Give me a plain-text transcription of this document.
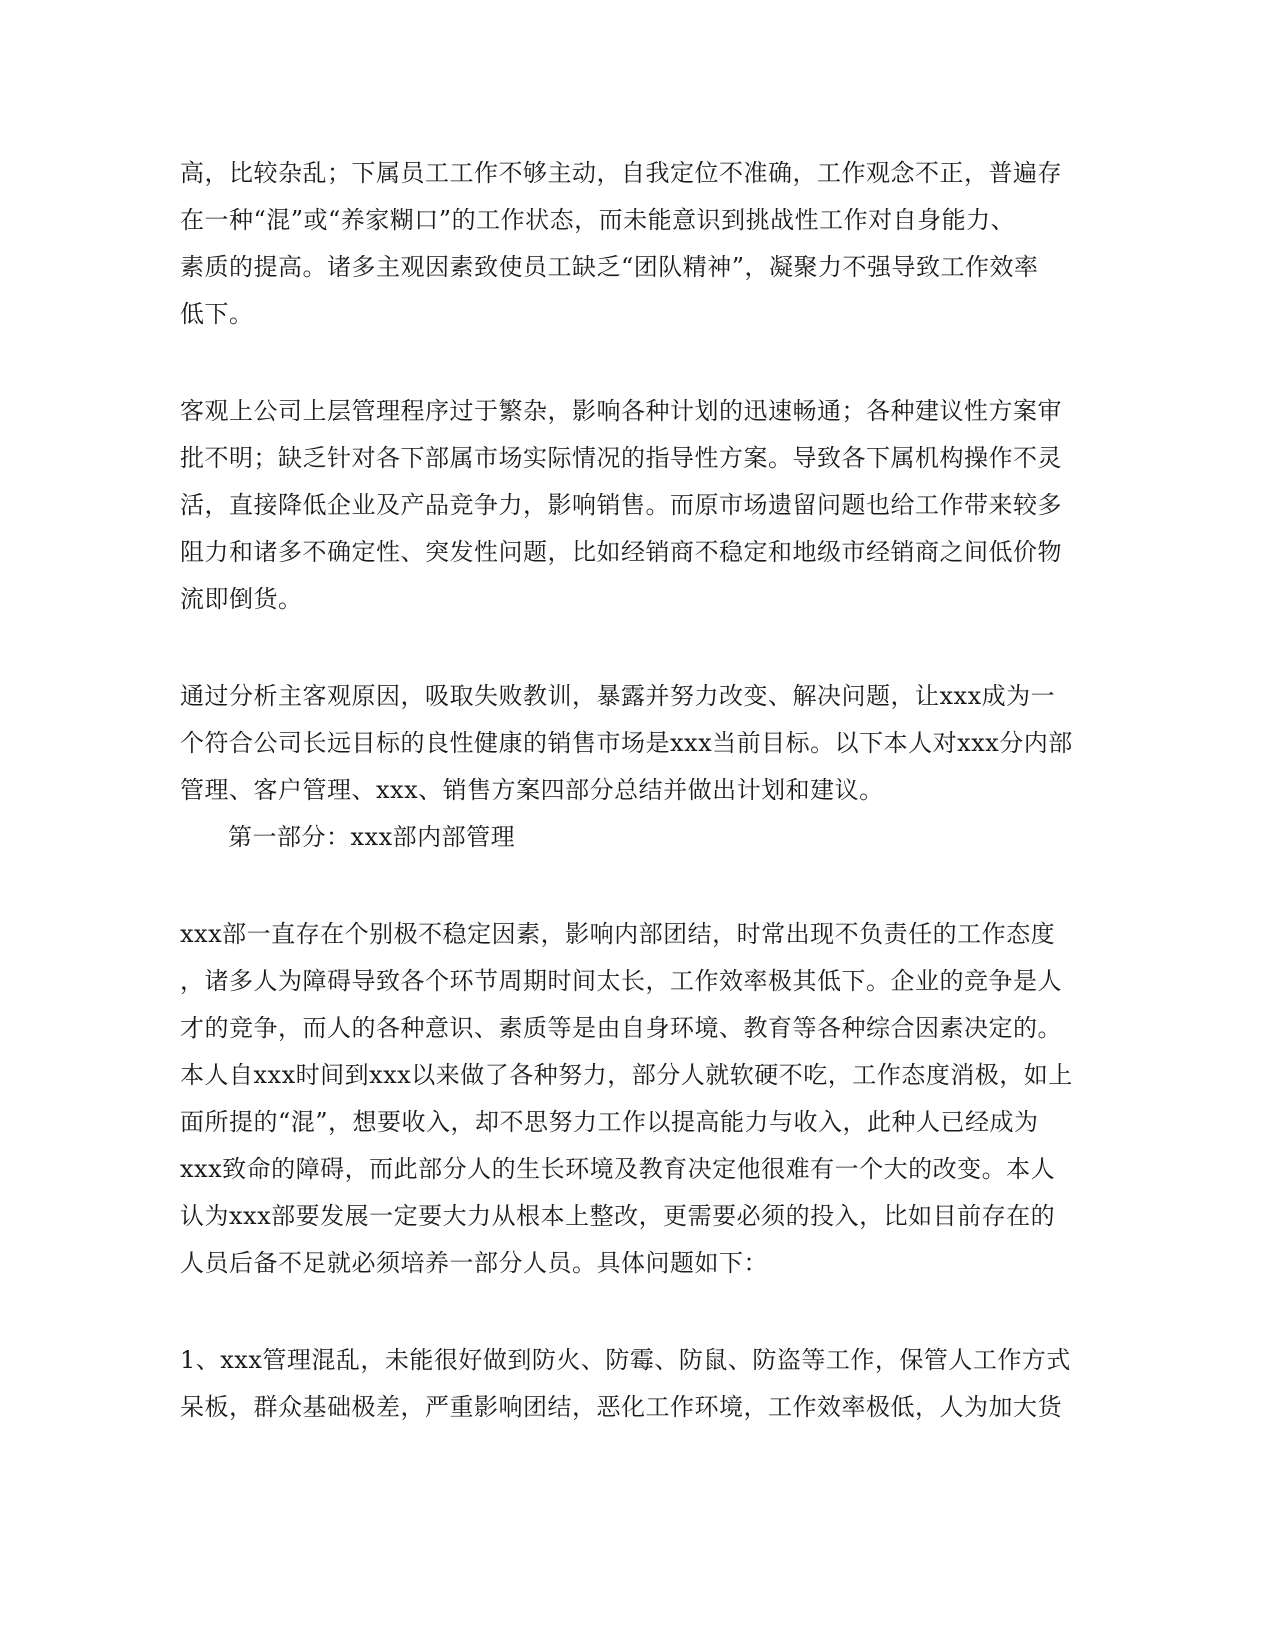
高，比较杂乱；下属员工工作不够主动，自我定位不准确，工作观念不正，普遍存
在一种“混”或“养家糊口”的工作状态，而未能意识到挑战性工作对自身能力、
素质的提高。诸多主观因素致使员工缺乏“团队精神”，凝聚力不强导致工作效率
低下。
客观上公司上层管理程序过于繁杂，影响各种计划的迅速畅通；各种建议性方案审
批不明；缺乏针对各下部属市场实际情况的指导性方案。导致各下属机构操作不灵
活，直接降低企业及产品竞争力，影响销售。而原市场遗留问题也给工作带来较多
阻力和诸多不确定性、突发性问题，比如经销商不稳定和地级市经销商之间低价物
流即倒货。
通过分析主客观原因，吸取失败教训，暴露并努力改变、解决问题，让xxx成为一
个符合公司长远目标的良性健康的销售市场是xxx当前目标。以下本人对xxx分内部
管理、客户管理、xxx、销售方案四部分总结并做出计划和建议。
第一部分：xxx部内部管理
xxx部一直存在个别极不稳定因素，影响内部团结，时常出现不负责任的工作态度
，诸多人为障碍导致各个环节周期时间太长，工作效率极其低下。企业的竞争是人
才的竞争，而人的各种意识、素质等是由自身环境、教育等各种综合因素决定的。
本人自xxx时间到xxx以来做了各种努力，部分人就软硬不吃，工作态度消极，如上
面所提的“混”，想要收入，却不思努力工作以提高能力与收入，此种人已经成为
xxx致命的障碍，而此部分人的生长环境及教育决定他很难有一个大的改变。本人
认为xxx部要发展一定要大力从根本上整改，更需要必须的投入，比如目前存在的
人员后备不足就必须培养一部分人员。具体问题如下：
1、xxx管理混乱，未能很好做到防火、防霉、防鼠、防盗等工作，保管人工作方式
呆板，群众基础极差，严重影响团结，恶化工作环境，工作效率极低，人为加大货
